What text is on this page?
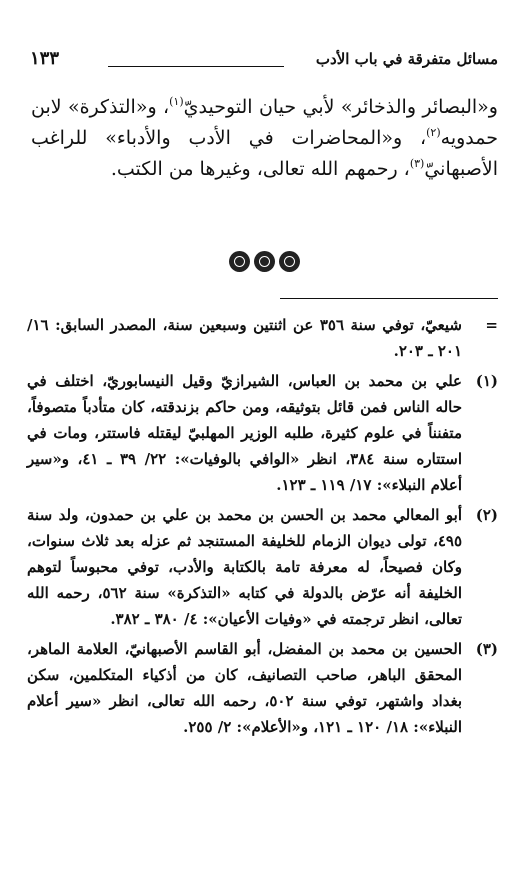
مسائل متفرقة في باب الأدب
١٣٣

و«البصائر والذخائر» لأبي حيان التوحيديّ$^{(١)}$، و«التذكرة» لابن حمدويه$^{(٢)}$، و«المحاضرات في الأدب والأدباء» للراغب الأصبهانيّ$^{(٣)}$، رحمهم الله تعالى، وغيرها من الكتب.

=

شيعيّ، توفي سنة ٣٥٦ عن اثنتين وسبعين سنة، المصدر السابق: ١٦/ ٢٠١ ـ ٢٠٣.

(١)

علي بن محمد بن العباس، الشيرازيّ وقيل النيسابوريّ، اختلف في حاله الناس فمن قائل بتوثيقه، ومن حاكم بزندقته، كان متأدباً متصوفاً، متفنناً في علوم كثيرة، طلبه الوزير المهلبيّ ليقتله فاستتر، ومات في استتاره سنة ٣٨٤، انظر «الوافي بالوفيات»: ٢٢/ ٣٩ ـ ٤١، و«سير أعلام النبلاء»: ١٧/ ١١٩ ـ ١٢٣.

(٢)

أبو المعالي محمد بن الحسن بن محمد بن علي بن حمدون، ولد سنة ٤٩٥، تولى ديوان الزمام للخليفة المستنجد ثم عزله بعد ثلاث سنوات، وكان فصيحاً، له معرفة تامة بالكتابة والأدب، توفي محبوساً لتوهم الخليفة أنه عرّض بالدولة في كتابه «التذكرة» سنة ٥٦٢، رحمه الله تعالى، انظر ترجمته في «وفيات الأعيان»: ٤/ ٣٨٠ ـ ٣٨٢.

(٣)

الحسين بن محمد بن المفضل، أبو القاسم الأصبهانيّ، العلامة الماهر، المحقق الباهر، صاحب التصانيف، كان من أذكياء المتكلمين، سكن بغداد واشتهر، توفي سنة ٥٠٢، رحمه الله تعالى، انظر «سير أعلام النبلاء»: ١٨/ ١٢٠ ـ ١٢١، و«الأعلام»: ٢/ ٢٥٥.
